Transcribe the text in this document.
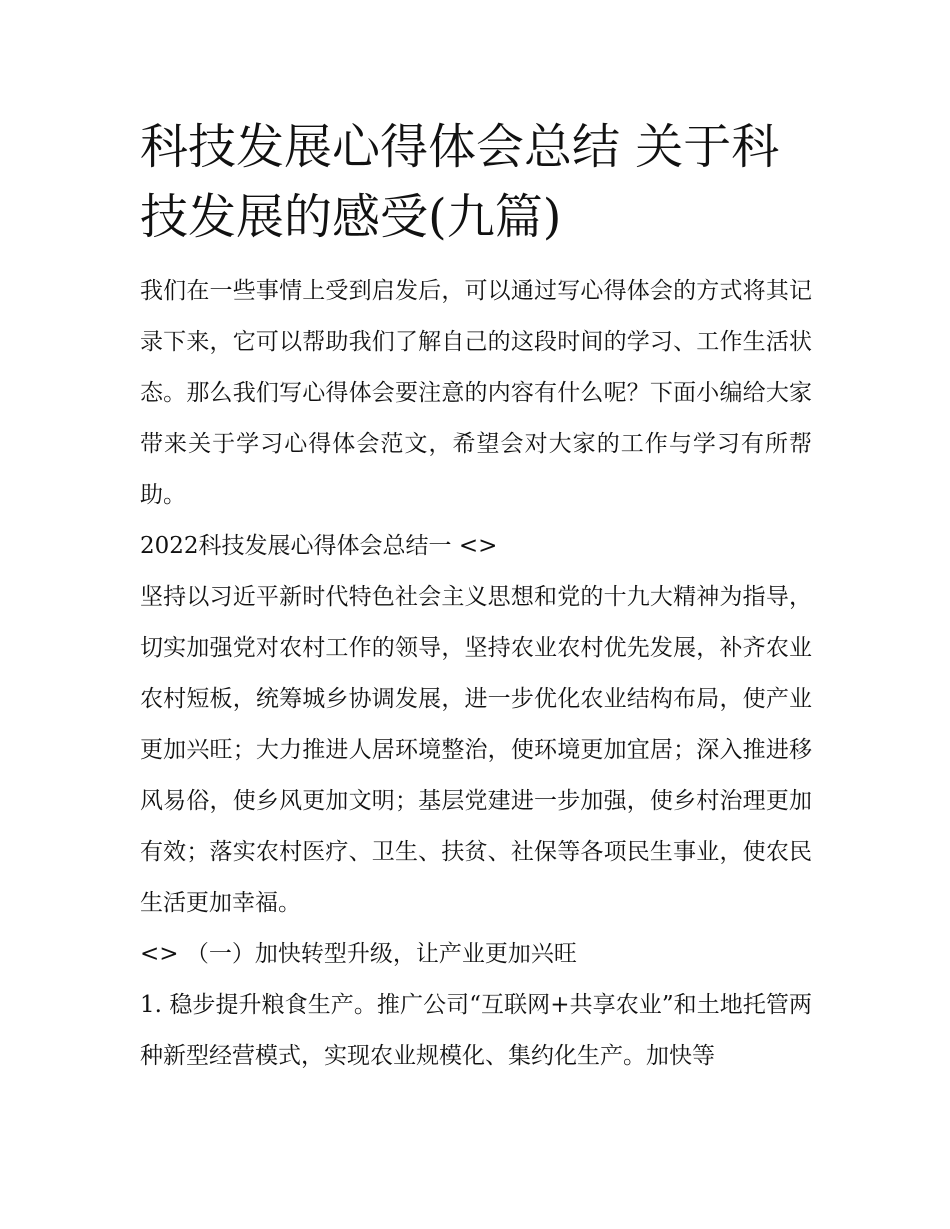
科技发展心得体会总结 关于科
技发展的感受(九篇)

我们在一些事情上受到启发后，可以通过写心得体会的方式将其记录下来，它可以帮助我们了解自己的这段时间的学习、工作生活状态。那么我们写心得体会要注意的内容有什么呢？下面小编给大家带来关于学习心得体会范文，希望会对大家的工作与学习有所帮助。

2022科技发展心得体会总结一 <>

坚持以习近平新时代特色社会主义思想和党的十九大精神为指导，切实加强党对农村工作的领导，坚持农业农村优先发展，补齐农业农村短板，统筹城乡协调发展，进一步优化农业结构布局，使产业更加兴旺；大力推进人居环境整治，使环境更加宜居；深入推进移风易俗，使乡风更加文明；基层党建进一步加强，使乡村治理更加有效；落实农村医疗、卫生、扶贫、社保等各项民生事业，使农民生活更加幸福。

<> （一）加快转型升级，让产业更加兴旺

1. 稳步提升粮食生产。推广公司“互联网+共享农业”和土地托管两种新型经营模式，实现农业规模化、集约化生产。加快等
